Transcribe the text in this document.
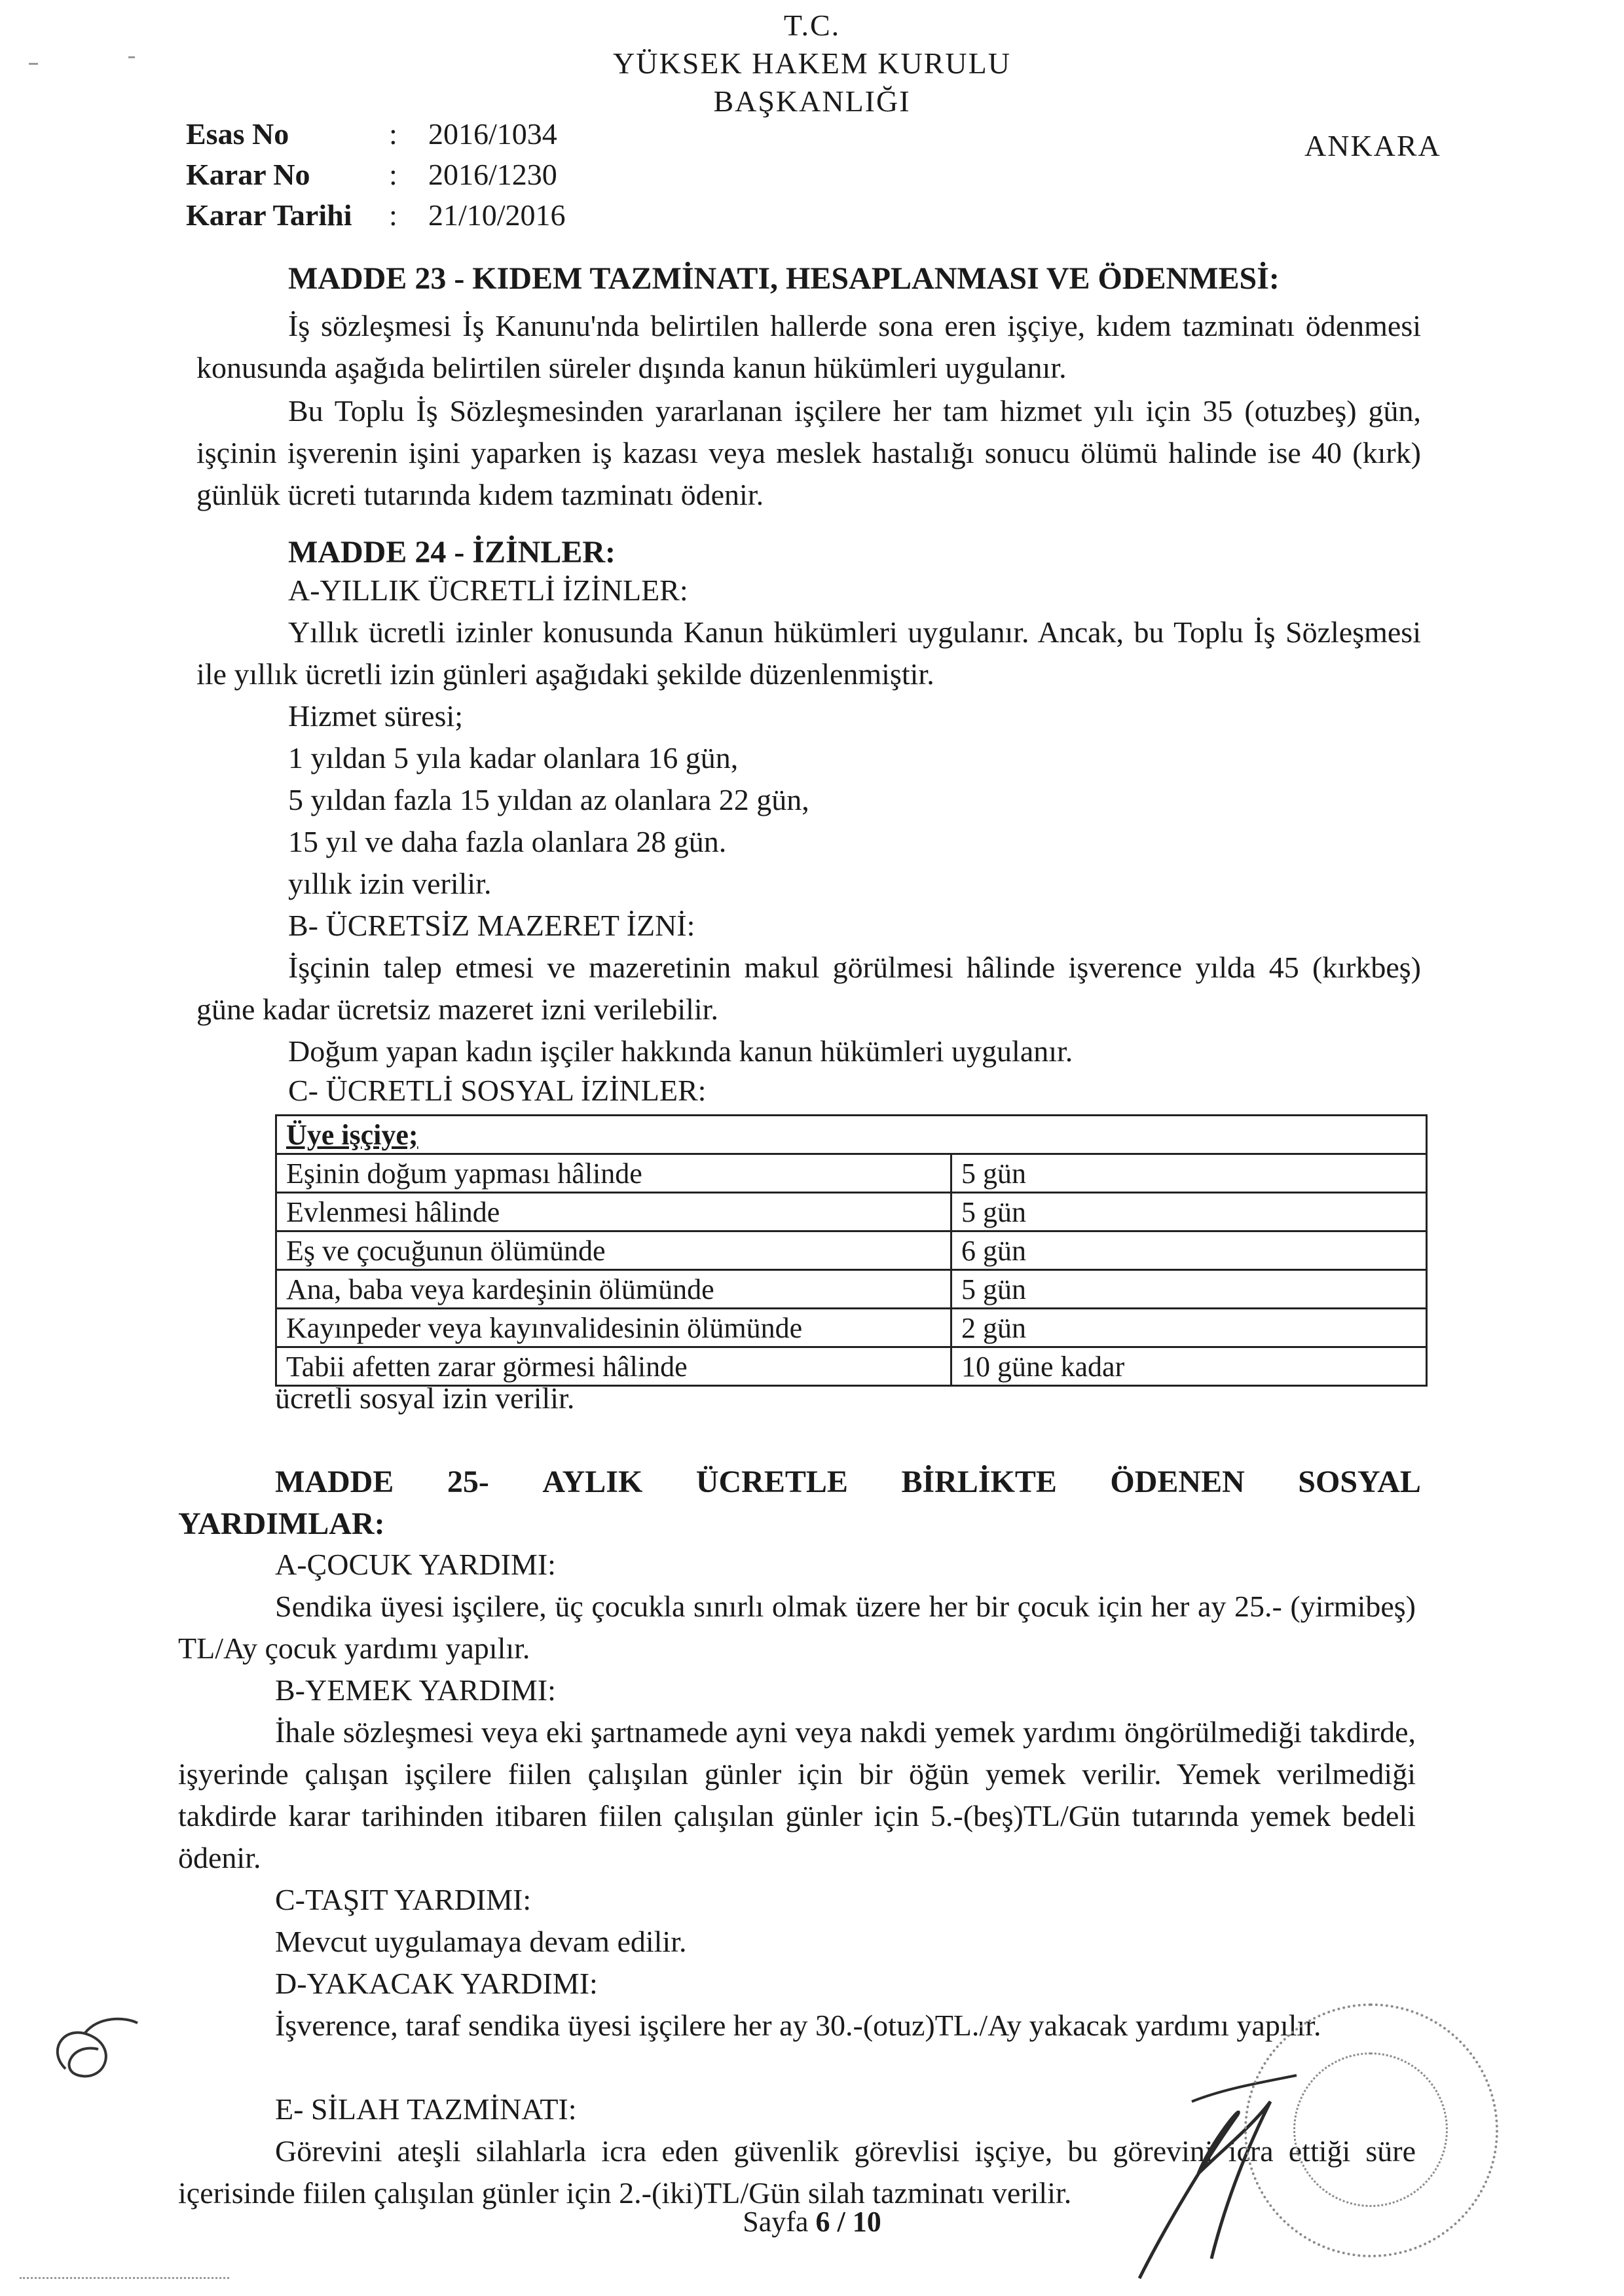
T.C.
YÜKSEK HAKEM KURULU
BAŞKANLIĞI
ANKARA
Esas No	:	2016/1034
Karar No	:	2016/1230
Karar Tarihi	:	21/10/2016
MADDE 23 - KIDEM TAZMİNATI, HESAPLANMASI VE ÖDENMESİ:
İş sözleşmesi İş Kanunu'nda belirtilen hallerde sona eren işçiye, kıdem tazminatı ödenmesi konusunda aşağıda belirtilen süreler dışında kanun hükümleri uygulanır.
Bu Toplu İş Sözleşmesinden yararlanan işçilere her tam hizmet yılı için 35 (otuzbeş) gün, işçinin işverenin işini yaparken iş kazası veya meslek hastalığı sonucu ölümü halinde ise 40 (kırk) günlük ücreti tutarında kıdem tazminatı ödenir.
MADDE 24 - İZİNLER:
A-YILLIK ÜCRETLİ İZİNLER:
Yıllık ücretli izinler konusunda Kanun hükümleri uygulanır. Ancak, bu Toplu İş Sözleşmesi ile yıllık ücretli izin günleri aşağıdaki şekilde düzenlenmiştir.
Hizmet süresi;
1 yıldan 5 yıla kadar olanlara 16 gün,
5 yıldan fazla 15 yıldan az olanlara 22 gün,
15 yıl ve daha fazla olanlara 28 gün.
yıllık izin verilir.
B- ÜCRETSİZ MAZERET İZNİ:
İşçinin talep etmesi ve mazeretinin makul görülmesi hâlinde işverence yılda 45 (kırkbeş) güne kadar ücretsiz mazeret izni verilebilir.
Doğum yapan kadın işçiler hakkında kanun hükümleri uygulanır.
C- ÜCRETLİ SOSYAL İZİNLER:
Üye işçiye;	
Eşinin doğum yapması hâlinde	5 gün
Evlenmesi hâlinde	5 gün
Eş ve çocuğunun ölümünde	6 gün
Ana, baba veya kardeşinin ölümünde	5 gün
Kayınpeder veya kayınvalidesinin ölümünde	2 gün
Tabii afetten zarar görmesi hâlinde	10 güne kadar
ücretli sosyal izin verilir.
MADDE 25- AYLIK ÜCRETLE BİRLİKTE ÖDENEN SOSYAL
YARDIMLAR:
A-ÇOCUK YARDIMI:
Sendika üyesi işçilere, üç çocukla sınırlı olmak üzere her bir çocuk için her ay 25.- (yirmibeş) TL/Ay çocuk yardımı yapılır.
B-YEMEK YARDIMI:
İhale sözleşmesi veya eki şartnamede ayni veya nakdi yemek yardımı öngörülmediği takdirde, işyerinde çalışan işçilere fiilen çalışılan günler için bir öğün yemek verilir. Yemek verilmediği takdirde karar tarihinden itibaren fiilen çalışılan günler için 5.-(beş)TL/Gün tutarında yemek bedeli ödenir.
C-TAŞIT YARDIMI:
Mevcut uygulamaya devam edilir.
D-YAKACAK YARDIMI:
İşverence, taraf sendika üyesi işçilere her ay 30.-(otuz)TL./Ay yakacak yardımı yapılır.
E- SİLAH TAZMİNATI:
Görevini ateşli silahlarla icra eden güvenlik görevlisi işçiye, bu görevini icra ettiği süre içerisinde fiilen çalışılan günler için 2.-(iki)TL/Gün silah tazminatı verilir.
Sayfa 6 / 10
